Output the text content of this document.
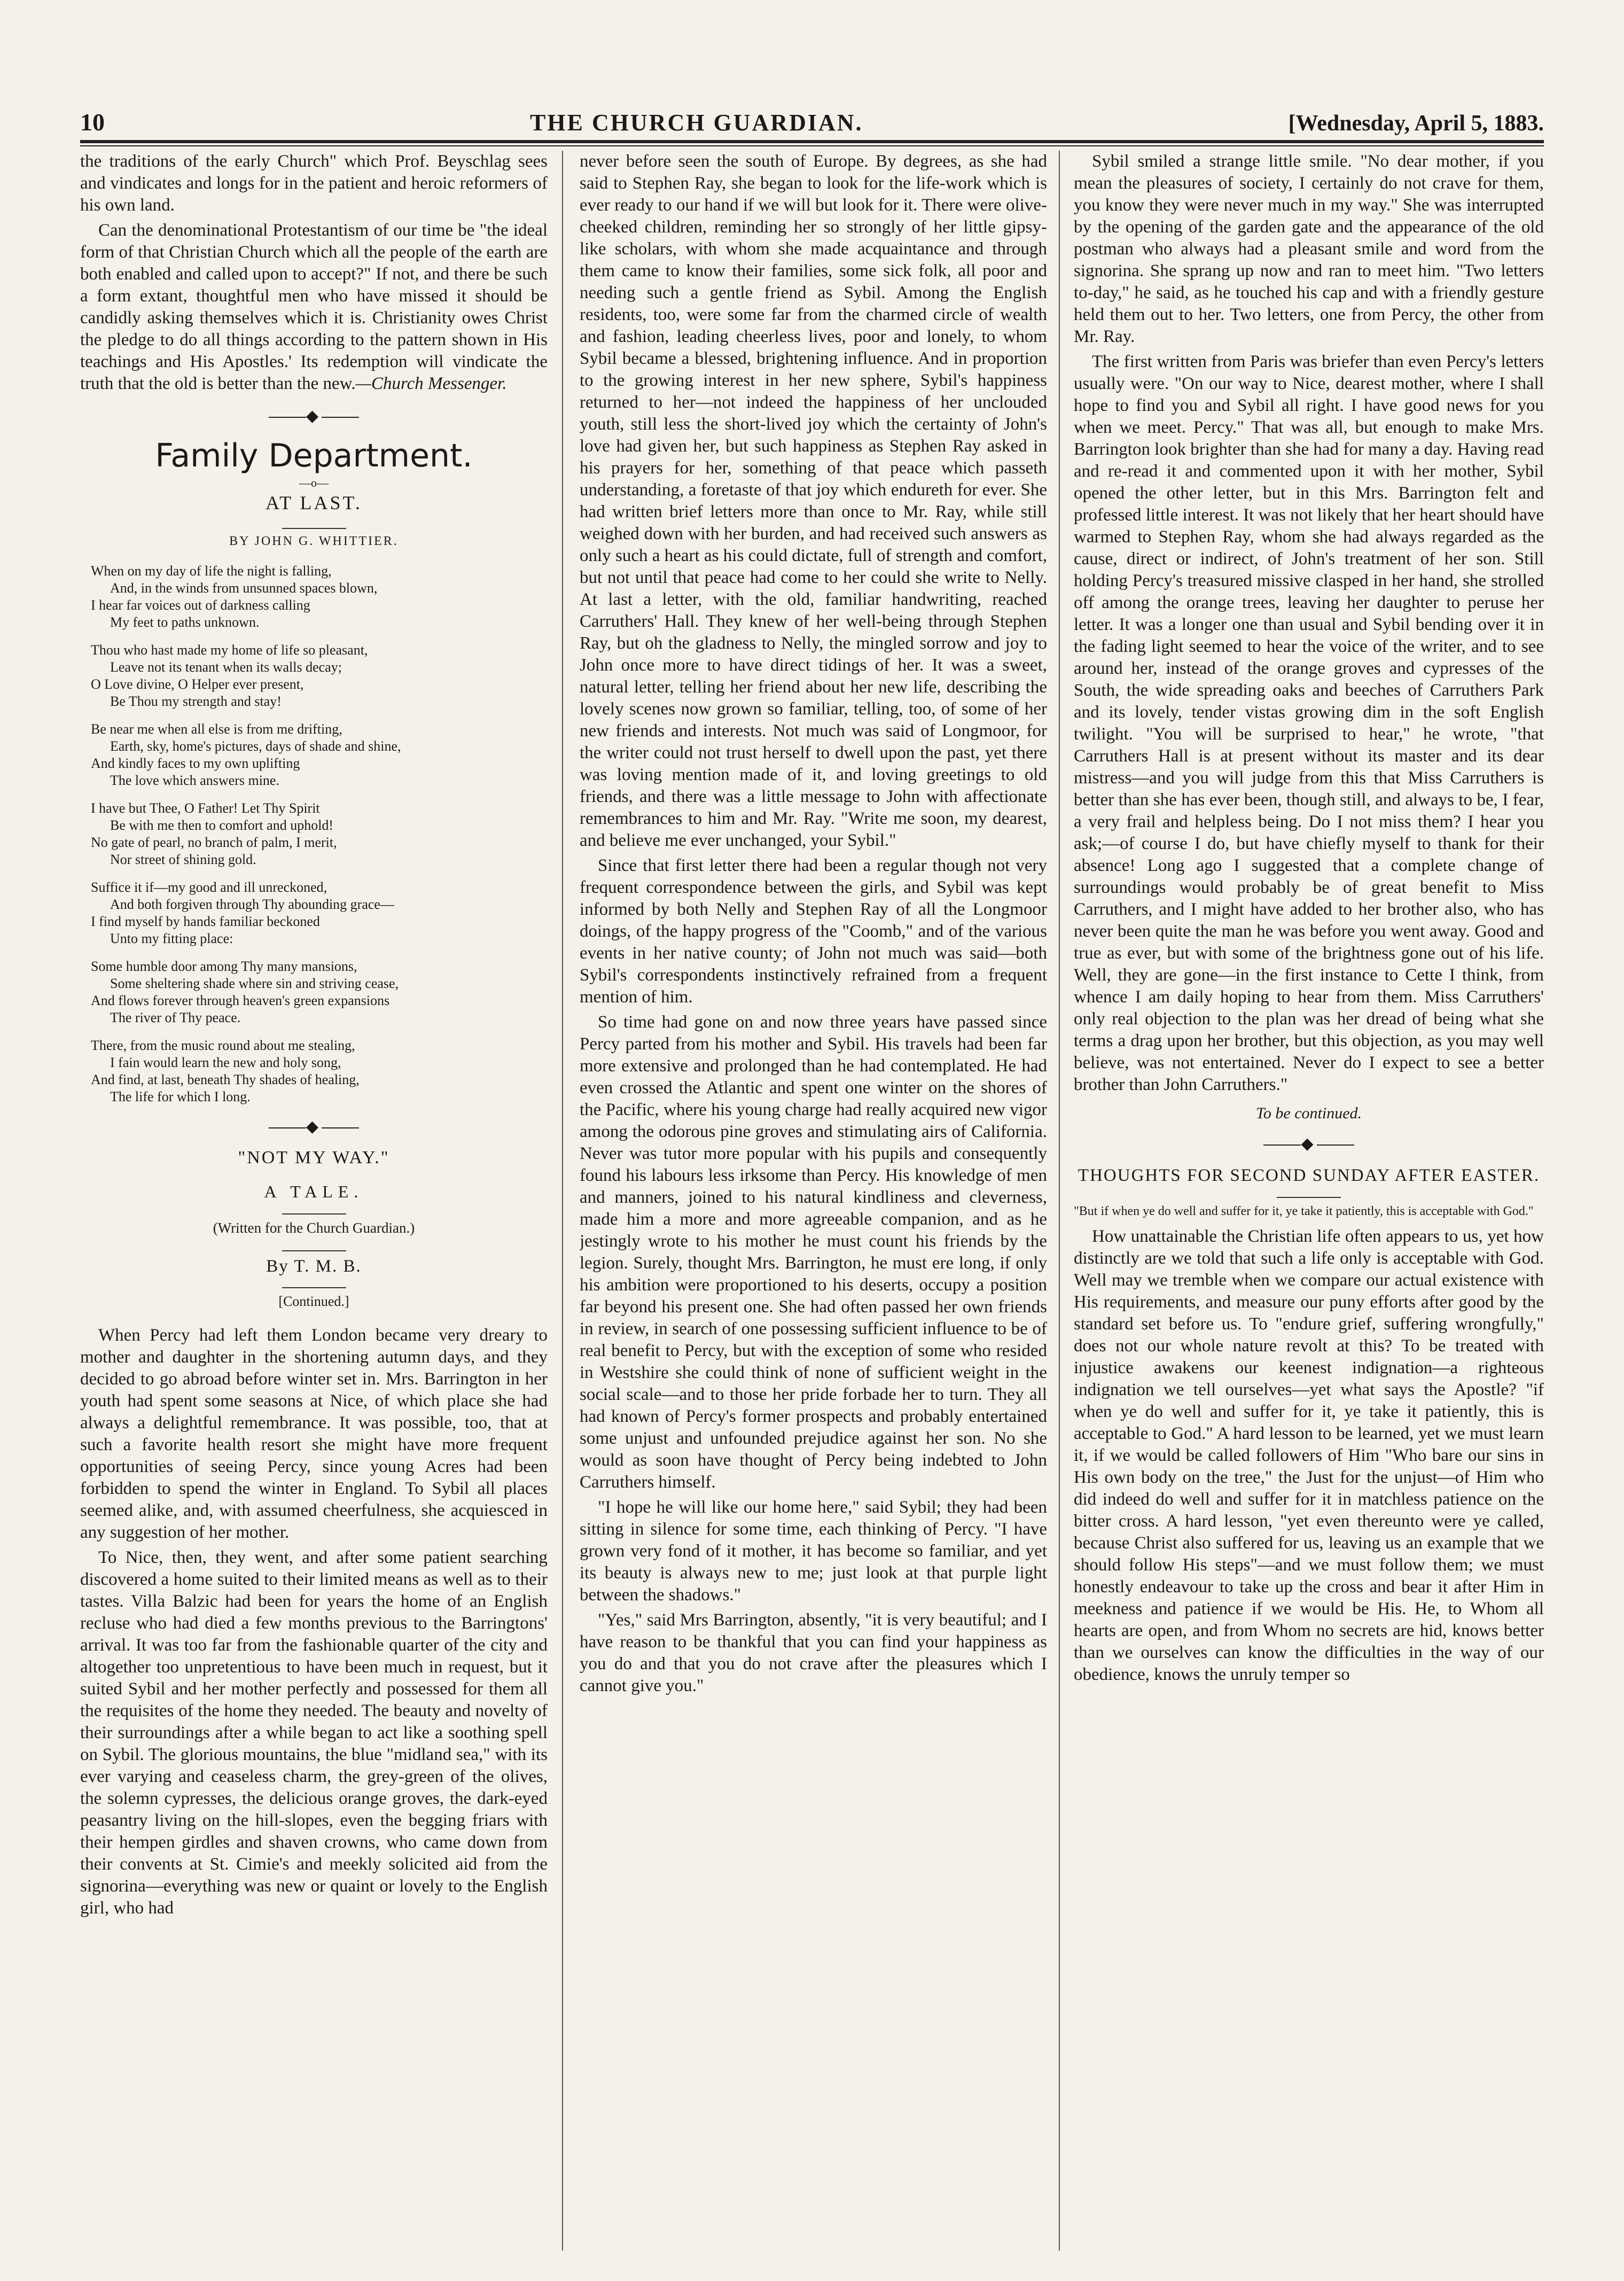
10	THE CHURCH GUARDIAN.	[Wednesday, April 5, 1883.

the traditions of the early Church" which Prof. Beyschlag sees and vindicates and longs for in the patient and heroic reformers of his own land.

Can the denominational Protestantism of our time be "the ideal form of that Christian Church which all the people of the earth are both enabled and called upon to accept?" If not, and there be such a form extant, thoughtful men who have missed it should be candidly asking themselves which it is. Christianity owes Christ the pledge to do all things according to the pattern shown in His teachings and His Apostles.' Its redemption will vindicate the truth that the old is better than the new.—Church Messenger.

◆
Family Department.
—o—
AT LAST.
BY JOHN G. WHITTIER.

When on my day of life the night is falling,

And, in the winds from unsunned spaces blown,

I hear far voices out of darkness calling

My feet to paths unknown.

Thou who hast made my home of life so pleasant,

Leave not its tenant when its walls decay;

O Love divine, O Helper ever present,

Be Thou my strength and stay!

Be near me when all else is from me drifting,

Earth, sky, home's pictures, days of shade and shine,

And kindly faces to my own uplifting

The love which answers mine.

I have but Thee, O Father! Let Thy Spirit

Be with me then to comfort and uphold!

No gate of pearl, no branch of palm, I merit,

Nor street of shining gold.

Suffice it if—my good and ill unreckoned,

And both forgiven through Thy abounding grace—

I find myself by hands familiar beckoned

Unto my fitting place:

Some humble door among Thy many mansions,

Some sheltering shade where sin and striving cease,

And flows forever through heaven's green expansions

The river of Thy peace.

There, from the music round about me stealing,

I fain would learn the new and holy song,

And find, at last, beneath Thy shades of healing,

The life for which I long.

◆
"NOT MY WAY."
A TALE.
(Written for the Church Guardian.)
By T. M. B.
[Continued.]

When Percy had left them London became very dreary to mother and daughter in the shortening autumn days, and they decided to go abroad before winter set in. Mrs. Barrington in her youth had spent some seasons at Nice, of which place she had always a delightful remembrance. It was possible, too, that at such a favorite health resort she might have more frequent opportunities of seeing Percy, since young Acres had been forbidden to spend the winter in England. To Sybil all places seemed alike, and, with assumed cheerfulness, she acquiesced in any suggestion of her mother.

To Nice, then, they went, and after some patient searching discovered a home suited to their limited means as well as to their tastes. Villa Balzic had been for years the home of an English recluse who had died a few months previous to the Barringtons' arrival. It was too far from the fashionable quarter of the city and altogether too unpretentious to have been much in request, but it suited Sybil and her mother perfectly and possessed for them all the requisites of the home they needed. The beauty and novelty of their surroundings after a while began to act like a soothing spell on Sybil. The glorious mountains, the blue "midland sea," with its ever varying and ceaseless charm, the grey-green of the olives, the solemn cypresses, the delicious orange groves, the dark-eyed peasantry living on the hill-slopes, even the begging friars with their hempen girdles and shaven crowns, who came down from their convents at St. Cimie's and meekly solicited aid from the signorina—everything was new or quaint or lovely to the English girl, who had

never before seen the south of Europe. By degrees, as she had said to Stephen Ray, she began to look for the life-work which is ever ready to our hand if we will but look for it. There were olive-cheeked children, reminding her so strongly of her little gipsy-like scholars, with whom she made acquaintance and through them came to know their families, some sick folk, all poor and needing such a gentle friend as Sybil. Among the English residents, too, were some far from the charmed circle of wealth and fashion, leading cheerless lives, poor and lonely, to whom Sybil became a blessed, brightening influence. And in proportion to the growing interest in her new sphere, Sybil's happiness returned to her—not indeed the happiness of her unclouded youth, still less the short-lived joy which the certainty of John's love had given her, but such happiness as Stephen Ray asked in his prayers for her, something of that peace which passeth understanding, a foretaste of that joy which endureth for ever. She had written brief letters more than once to Mr. Ray, while still weighed down with her burden, and had received such answers as only such a heart as his could dictate, full of strength and comfort, but not until that peace had come to her could she write to Nelly. At last a letter, with the old, familiar handwriting, reached Carruthers' Hall. They knew of her well-being through Stephen Ray, but oh the gladness to Nelly, the mingled sorrow and joy to John once more to have direct tidings of her. It was a sweet, natural letter, telling her friend about her new life, describing the lovely scenes now grown so familiar, telling, too, of some of her new friends and interests. Not much was said of Longmoor, for the writer could not trust herself to dwell upon the past, yet there was loving mention made of it, and loving greetings to old friends, and there was a little message to John with affectionate remembrances to him and Mr. Ray. "Write me soon, my dearest, and believe me ever unchanged, your Sybil."

Since that first letter there had been a regular though not very frequent correspondence between the girls, and Sybil was kept informed by both Nelly and Stephen Ray of all the Longmoor doings, of the happy progress of the "Coomb," and of the various events in her native county; of John not much was said—both Sybil's correspondents instinctively refrained from a frequent mention of him.

So time had gone on and now three years have passed since Percy parted from his mother and Sybil. His travels had been far more extensive and prolonged than he had contemplated. He had even crossed the Atlantic and spent one winter on the shores of the Pacific, where his young charge had really acquired new vigor among the odorous pine groves and stimulating airs of California. Never was tutor more popular with his pupils and consequently found his labours less irksome than Percy. His knowledge of men and manners, joined to his natural kindliness and cleverness, made him a more and more agreeable companion, and as he jestingly wrote to his mother he must count his friends by the legion. Surely, thought Mrs. Barrington, he must ere long, if only his ambition were proportioned to his deserts, occupy a position far beyond his present one. She had often passed her own friends in review, in search of one possessing sufficient influence to be of real benefit to Percy, but with the exception of some who resided in Westshire she could think of none of sufficient weight in the social scale—and to those her pride forbade her to turn. They all had known of Percy's former prospects and probably entertained some unjust and unfounded prejudice against her son. No she would as soon have thought of Percy being indebted to John Carruthers himself.

"I hope he will like our home here," said Sybil; they had been sitting in silence for some time, each thinking of Percy. "I have grown very fond of it mother, it has become so familiar, and yet its beauty is always new to me; just look at that purple light between the shadows."

"Yes," said Mrs Barrington, absently, "it is very beautiful; and I have reason to be thankful that you can find your happiness as you do and that you do not crave after the pleasures which I cannot give you."

Sybil smiled a strange little smile. "No dear mother, if you mean the pleasures of society, I certainly do not crave for them, you know they were never much in my way." She was interrupted by the opening of the garden gate and the appearance of the old postman who always had a pleasant smile and word from the signorina. She sprang up now and ran to meet him. "Two letters to-day," he said, as he touched his cap and with a friendly gesture held them out to her. Two letters, one from Percy, the other from Mr. Ray.

The first written from Paris was briefer than even Percy's letters usually were. "On our way to Nice, dearest mother, where I shall hope to find you and Sybil all right. I have good news for you when we meet. Percy." That was all, but enough to make Mrs. Barrington look brighter than she had for many a day. Having read and re-read it and commented upon it with her mother, Sybil opened the other letter, but in this Mrs. Barrington felt and professed little interest. It was not likely that her heart should have warmed to Stephen Ray, whom she had always regarded as the cause, direct or indirect, of John's treatment of her son. Still holding Percy's treasured missive clasped in her hand, she strolled off among the orange trees, leaving her daughter to peruse her letter. It was a longer one than usual and Sybil bending over it in the fading light seemed to hear the voice of the writer, and to see around her, instead of the orange groves and cypresses of the South, the wide spreading oaks and beeches of Carruthers Park and its lovely, tender vistas growing dim in the soft English twilight. "You will be surprised to hear," he wrote, "that Carruthers Hall is at present without its master and its dear mistress—and you will judge from this that Miss Carruthers is better than she has ever been, though still, and always to be, I fear, a very frail and helpless being. Do I not miss them? I hear you ask;—of course I do, but have chiefly myself to thank for their absence! Long ago I suggested that a complete change of surroundings would probably be of great benefit to Miss Carruthers, and I might have added to her brother also, who has never been quite the man he was before you went away. Good and true as ever, but with some of the brightness gone out of his life. Well, they are gone—in the first instance to Cette I think, from whence I am daily hoping to hear from them. Miss Carruthers' only real objection to the plan was her dread of being what she terms a drag upon her brother, but this objection, as you may well believe, was not entertained. Never do I expect to see a better brother than John Carruthers."

To be continued.
◆
THOUGHTS FOR SECOND SUNDAY AFTER EASTER.

"But if when ye do well and suffer for it, ye take it patiently, this is acceptable with God."

How unattainable the Christian life often appears to us, yet how distinctly are we told that such a life only is acceptable with God. Well may we tremble when we compare our actual existence with His requirements, and measure our puny efforts after good by the standard set before us. To "endure grief, suffering wrongfully," does not our whole nature revolt at this? To be treated with injustice awakens our keenest indignation—a righteous indignation we tell ourselves—yet what says the Apostle? "if when ye do well and suffer for it, ye take it patiently, this is acceptable to God." A hard lesson to be learned, yet we must learn it, if we would be called followers of Him "Who bare our sins in His own body on the tree," the Just for the unjust—of Him who did indeed do well and suffer for it in matchless patience on the bitter cross. A hard lesson, "yet even thereunto were ye called, because Christ also suffered for us, leaving us an example that we should follow His steps"—and we must follow them; we must honestly endeavour to take up the cross and bear it after Him in meekness and patience if we would be His. He, to Whom all hearts are open, and from Whom no secrets are hid, knows better than we ourselves can know the difficulties in the way of our obedience, knows the unruly temper so
